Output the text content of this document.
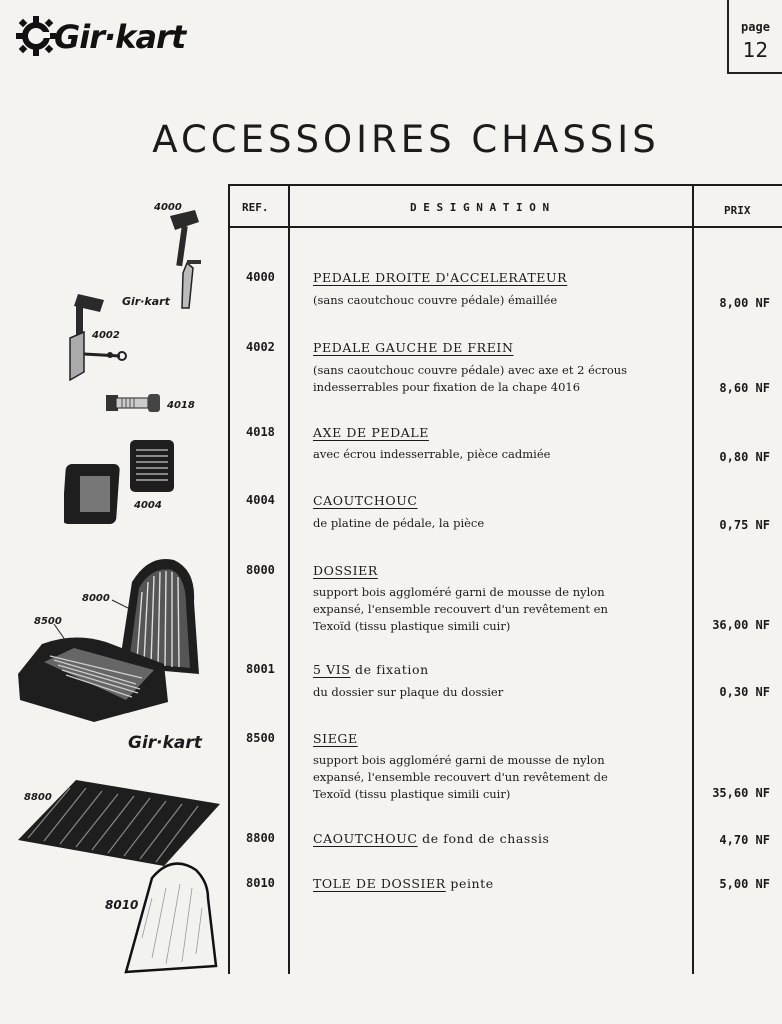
Gir·kart	page
12
ACCESSOIRES CHASSIS
REF.	D E S I G N A T I O N	PRIX
4000	PEDALE DROITE D'ACCELERATEUR
(sans caoutchouc couvre pédale) émaillée	8,00 NF
4002	PEDALE GAUCHE DE FREIN
(sans caoutchouc couvre pédale) avec axe et 2 écrous
indesserrables pour fixation de la chape 4016	8,60 NF
4018	AXE DE PEDALE
avec écrou indesserrable, pièce cadmiée	0,80 NF
4004	CAOUTCHOUC
de platine de pédale, la pièce	0,75 NF
8000	DOSSIER
support bois aggloméré garni de mousse de nylon
expansé, l'ensemble recouvert d'un revêtement en
Texoïd (tissu plastique simili cuir)	36,00 NF
8001	5 VIS de fixation
du dossier sur plaque du dossier	0,30 NF
8500	SIEGE
support bois aggloméré garni de mousse de nylon
expansé, l'ensemble recouvert d'un revêtement de
Texoïd (tissu plastique simili cuir)	35,60 NF
8800	CAOUTCHOUC de fond de chassis	4,70 NF
8010	TOLE DE DOSSIER peinte	5,00 NF
4000
Gir·kart
4002
4018
4004
8000
8500
Gir·kart
8800
8010
